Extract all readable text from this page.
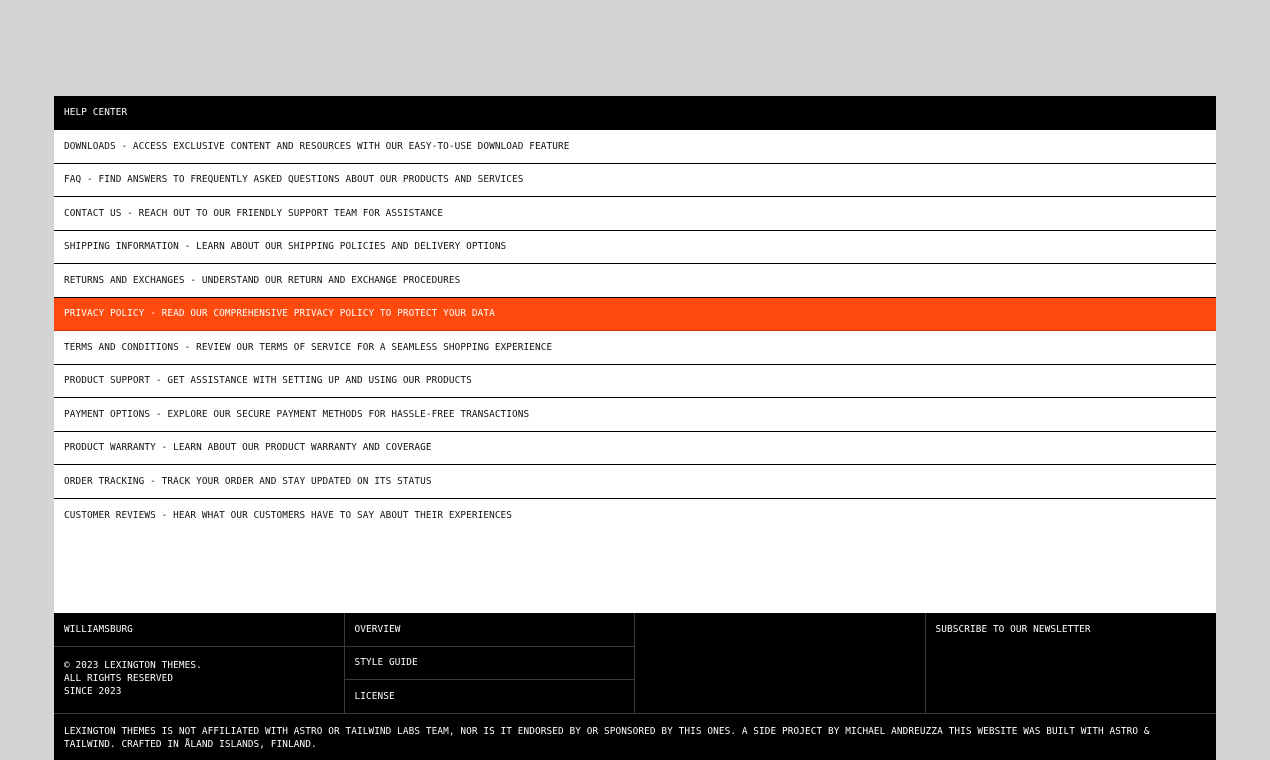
HELP CENTER
DOWNLOADS - ACCESS EXCLUSIVE CONTENT AND RESOURCES WITH OUR EASY-TO-USE DOWNLOAD FEATURE
FAQ - FIND ANSWERS TO FREQUENTLY ASKED QUESTIONS ABOUT OUR PRODUCTS AND SERVICES
CONTACT US - REACH OUT TO OUR FRIENDLY SUPPORT TEAM FOR ASSISTANCE
SHIPPING INFORMATION - LEARN ABOUT OUR SHIPPING POLICIES AND DELIVERY OPTIONS
RETURNS AND EXCHANGES - UNDERSTAND OUR RETURN AND EXCHANGE PROCEDURES
PRIVACY POLICY - READ OUR COMPREHENSIVE PRIVACY POLICY TO PROTECT YOUR DATA
TERMS AND CONDITIONS - REVIEW OUR TERMS OF SERVICE FOR A SEAMLESS SHOPPING EXPERIENCE
PRODUCT SUPPORT - GET ASSISTANCE WITH SETTING UP AND USING OUR PRODUCTS
PAYMENT OPTIONS - EXPLORE OUR SECURE PAYMENT METHODS FOR HASSLE-FREE TRANSACTIONS
PRODUCT WARRANTY - LEARN ABOUT OUR PRODUCT WARRANTY AND COVERAGE
ORDER TRACKING - TRACK YOUR ORDER AND STAY UPDATED ON ITS STATUS
CUSTOMER REVIEWS - HEAR WHAT OUR CUSTOMERS HAVE TO SAY ABOUT THEIR EXPERIENCES
WILLIAMSBURG
© 2023 LEXINGTON THEMES.
ALL RIGHTS RESERVED
SINCE 2023
OVERVIEW
STYLE GUIDE
LICENSE
SUBSCRIBE TO OUR NEWSLETTER
LEXINGTON THEMES IS NOT AFFILIATED WITH ASTRO OR TAILWIND LABS TEAM, NOR IS IT ENDORSED BY OR SPONSORED BY THIS ONES. A SIDE PROJECT BY MICHAEL ANDREUZZA THIS WEBSITE WAS BUILT WITH ASTRO & TAILWIND. CRAFTED IN ÅLAND ISLANDS, FINLAND.
